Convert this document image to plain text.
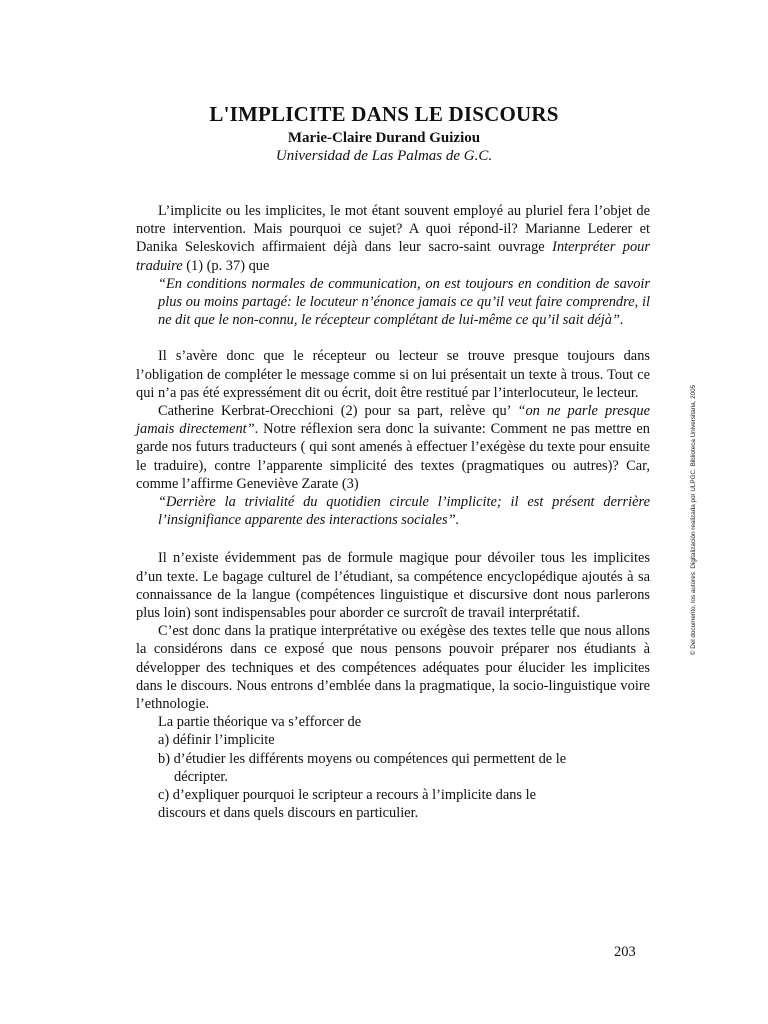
L'IMPLICITE DANS LE DISCOURS
Marie-Claire Durand Guiziou
Universidad de Las Palmas de G.C.

L’implicite ou les implicites, le mot étant souvent employé au pluriel fera l’objet de notre intervention. Mais pourquoi ce sujet? A quoi répond-il? Marianne Lederer et Danika Seleskovich affirmaient déjà dans leur sacro-saint ouvrage Interpréter pour traduire (1) (p. 37) que

“En conditions normales de communication, on est toujours en condition de savoir plus ou moins partagé: le locuteur n’énonce jamais ce qu’il veut faire comprendre, il ne dit que le non-connu, le récepteur complétant de lui-même ce qu’il sait déjà”.

Il s’avère donc que le récepteur ou lecteur se trouve presque toujours dans l’obligation de compléter le message comme si on lui présentait un texte à trous. Tout ce qui n’a pas été expressément dit ou écrit, doit être restitué par l’interlocuteur, le lecteur.

Catherine Kerbrat-Orecchioni (2) pour sa part, relève qu’ “on ne parle presque jamais directement”. Notre réflexion sera donc la suivante: Comment ne pas mettre en garde nos futurs traducteurs ( qui sont amenés à effectuer l’exégèse du texte pour ensuite le traduire), contre l’apparente simplicité des textes (pragmatiques ou autres)? Car, comme l’affirme Geneviève Zarate (3)

“Derrière la trivialité du quotidien circule l’implicite; il est présent derrière l’insignifiance apparente des interactions sociales”.

Il n’existe évidemment pas de formule magique pour dévoiler tous les implicites d’un texte. Le bagage culturel de l’étudiant, sa compétence encyclopédique ajoutés à sa connaissance de la langue (compétences linguistique et discursive dont nous parlerons plus loin) sont indispensables pour aborder ce surcroît de travail interprétatif.

C’est donc dans la pratique interprétative ou exégèse des textes telle que nous allons la considérons dans ce exposé que nous pensons pouvoir préparer nos étudiants à développer des techniques et des compétences adéquates pour élucider les implicites dans le discours. Nous entrons d’emblée dans la pragmatique, la socio-linguistique voire l’ethnologie.

La partie théorique va s’efforcer de

a) définir l’implicite

b) d’étudier les différents moyens ou compétences qui permettent de le

décripter.

c) d’expliquer pourquoi le scripteur a recours à l’implicite dans le

discours et dans quels discours en particulier.

203
© Del documento, los autores. Digitalización realizada por ULPGC. Biblioteca Universitaria, 2005
